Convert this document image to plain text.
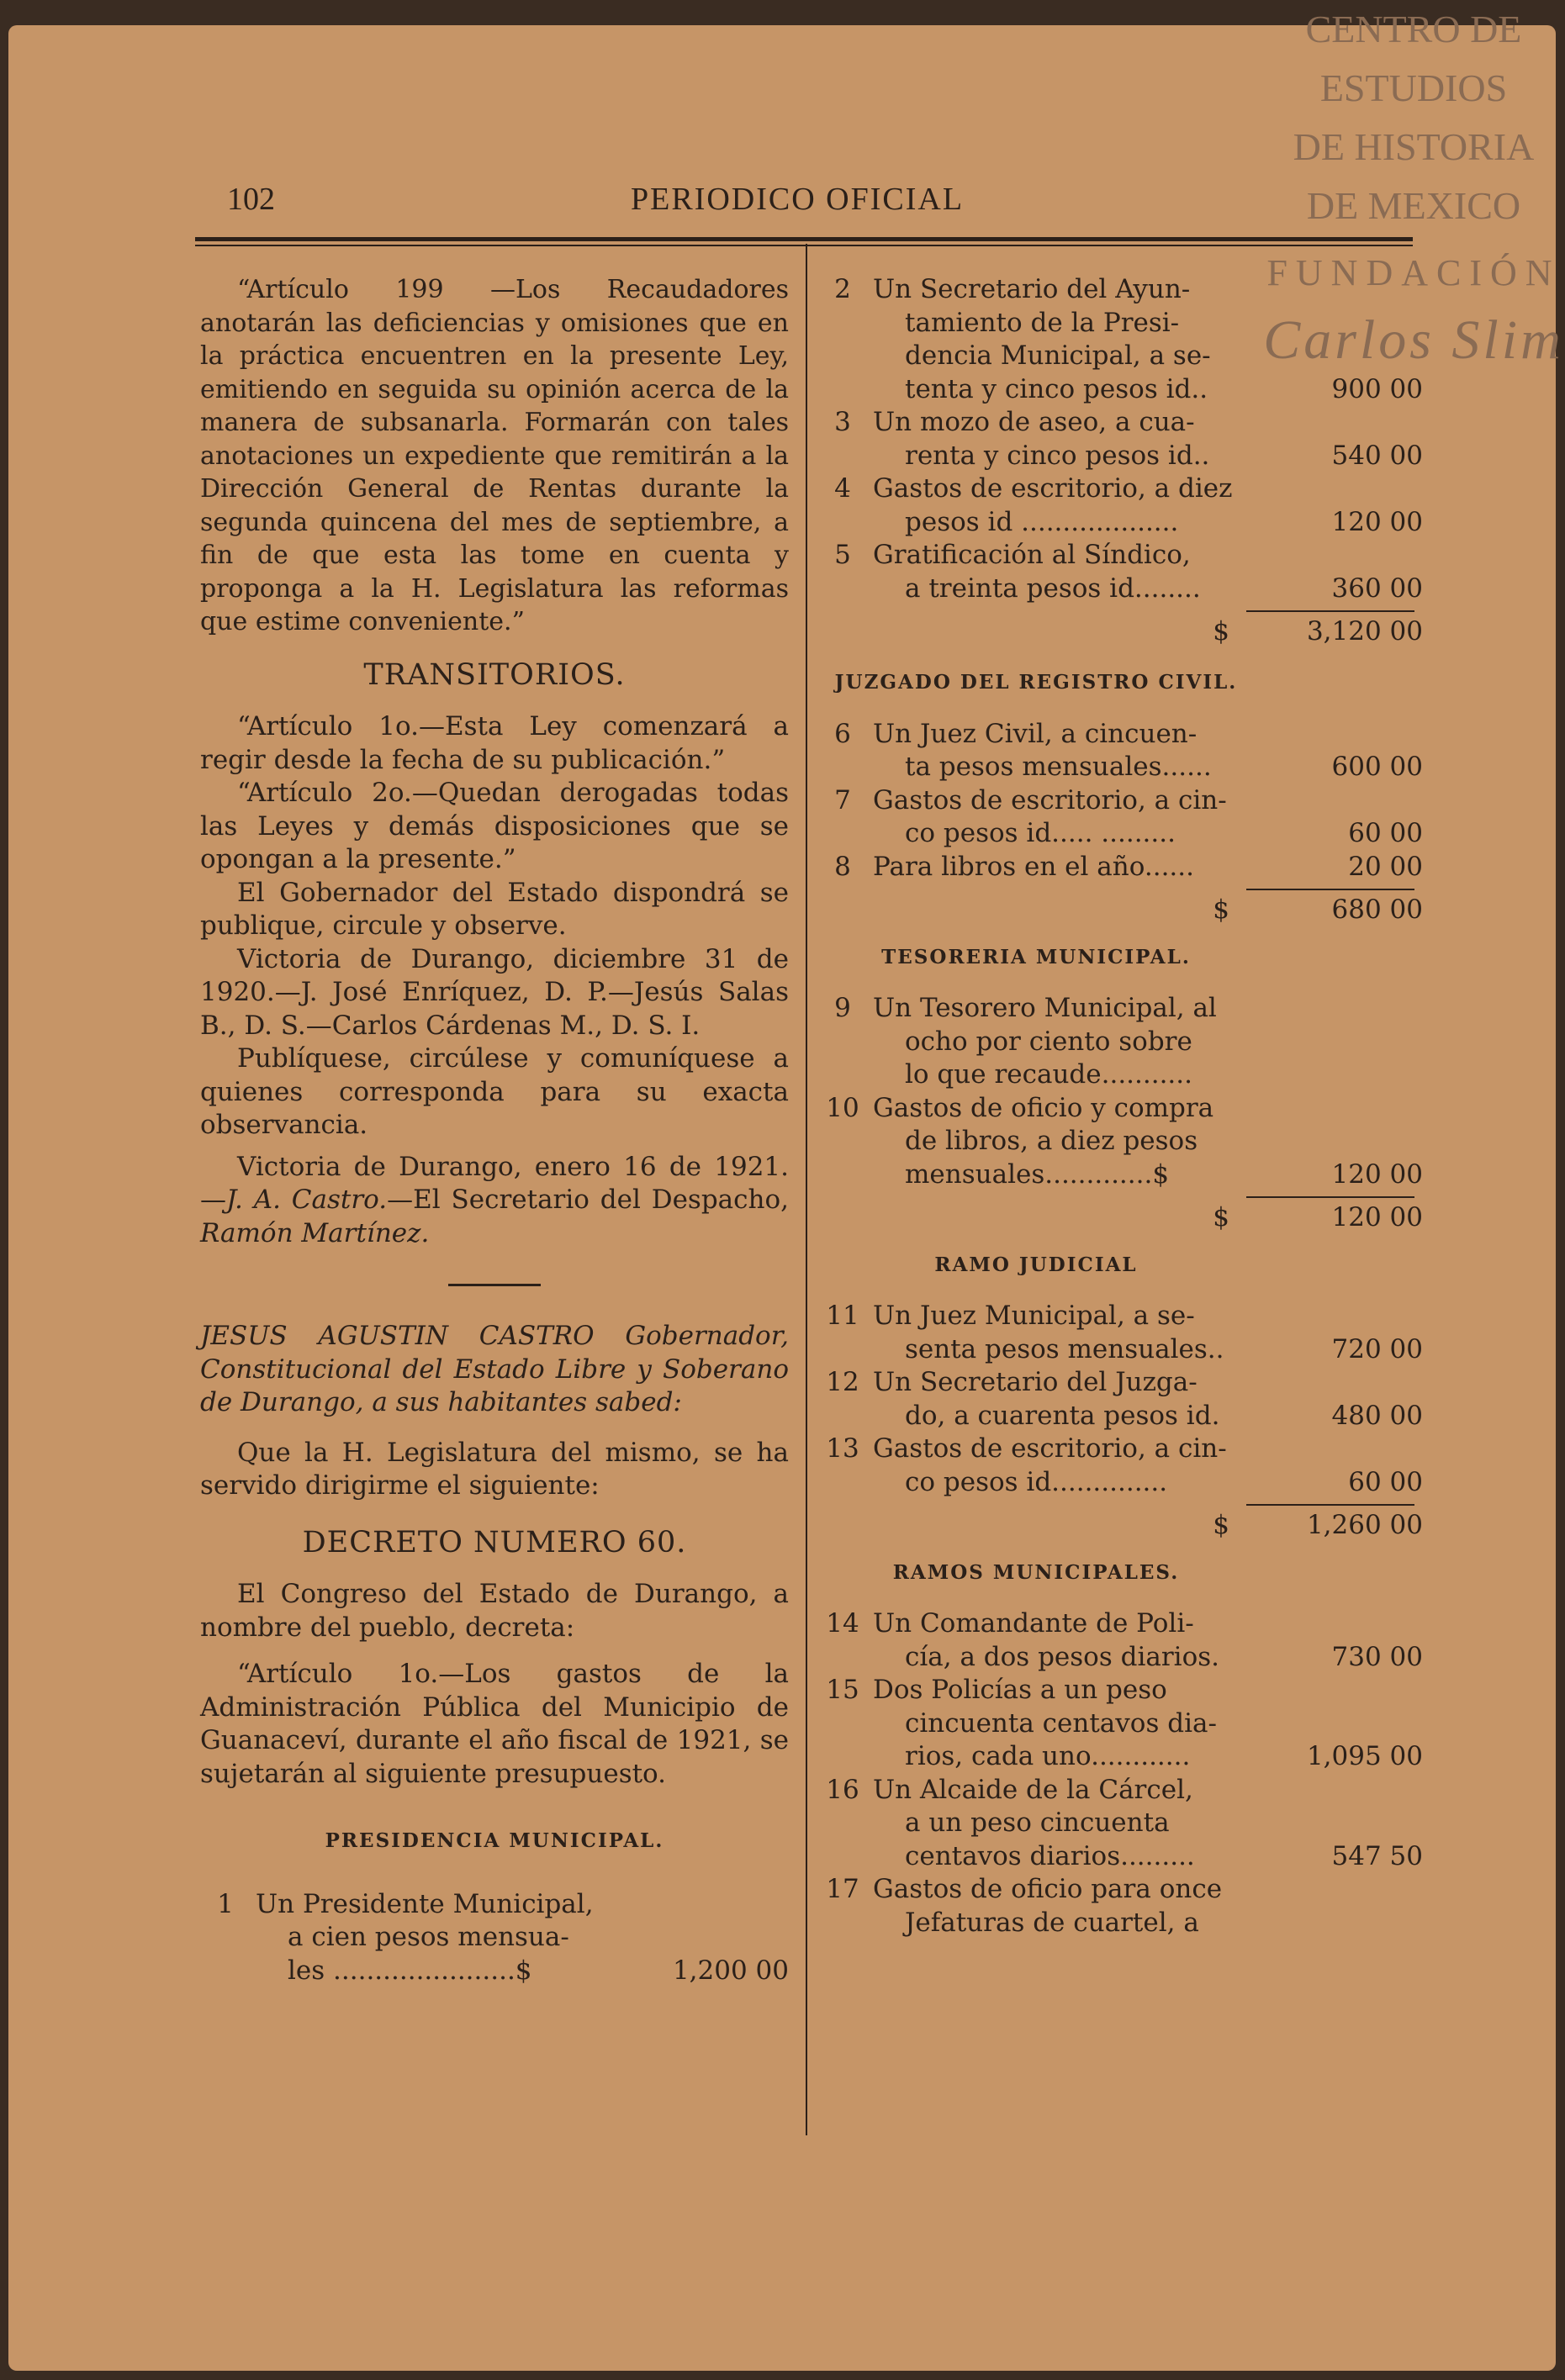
CENTRO DE
ESTUDIOS
DE HISTORIA
DE MEXICO
FUNDACIÓN
Carlos Slim
102	PERIODICO OFICIAL

“Artículo 199 —Los Recaudadores anotarán las deficiencias y omisiones que en la práctica encuentren en la presente Ley, emitiendo en seguida su opinión acerca de la manera de subsanarla. Formarán con tales anotaciones un expediente que remitirán a la Dirección General de Rentas durante la segunda quincena del mes de septiembre, a fin de que esta las tome en cuenta y proponga a la H. Legislatura las reformas que estime conveniente.”

TRANSITORIOS.

“Artículo 1o.—Esta Ley comenzará a regir desde la fecha de su publicación.”

“Artículo 2o.—Quedan derogadas todas las Leyes y demás disposiciones que se opongan a la presente.”

El Gobernador del Estado dispondrá se publique, circule y observe.

Victoria de Durango, diciembre 31 de 1920.—J. José Enríquez, D. P.—Jesús Salas B., D. S.—Carlos Cárdenas M., D. S. I.

Publíquese, circúlese y comuníquese a quienes corresponda para su exacta observancia.

Victoria de Durango, enero 16 de 1921. —J. A. Castro.—El Secretario del Despacho, Ramón Martínez.

JESUS AGUSTIN CASTRO Gobernador, Constitucional del Estado Libre y Soberano de Durango, a sus habitantes sabed:

Que la H. Legislatura del mismo, se ha servido dirigirme el siguiente:

DECRETO NUMERO 60.

El Congreso del Estado de Durango, a nombre del pueblo, decreta:

“Artículo 1o.—Los gastos de la Administración Pública del Municipio de Guanaceví, durante el año fiscal de 1921, se sujetarán al siguiente presupuesto.

PRESIDENCIA MUNICIPAL.

1 Un Presidente Municipal,
a cien pesos mensua-
les ......................$	1,200 00
2 Un Secretario del Ayun-
tamiento de la Presi-
dencia Municipal, a se-
tenta y cinco pesos id..	900 00
3 Un mozo de aseo, a cua-
renta y cinco pesos id..	540 00
4 Gastos de escritorio, a diez
pesos id ...................	120 00
5 Gratificación al Síndico,
a treinta pesos id........	360 00
$	3,120 00

JUZGADO DEL REGISTRO CIVIL.

6 Un Juez Civil, a cincuen-
ta pesos mensuales......	600 00
7 Gastos de escritorio, a cin-
co pesos id..... .........	60 00
8 Para libros en el año......	20 00
$	680 00

TESORERIA MUNICIPAL.

9 Un Tesorero Municipal, al
ocho por ciento sobre
lo que recaude...........
10 Gastos de oficio y compra
de libros, a diez pesos
mensuales.............$	120 00
$	120 00

RAMO JUDICIAL

11 Un Juez Municipal, a se-
senta pesos mensuales..	720 00
12 Un Secretario del Juzga-
do, a cuarenta pesos id.	480 00
13 Gastos de escritorio, a cin-
co pesos id..............	60 00
$	1,260 00

RAMOS MUNICIPALES.

14 Un Comandante de Poli-
cía, a dos pesos diarios.	730 00
15 Dos Policías a un peso
cincuenta centavos dia-
rios, cada uno............	1,095 00
16 Un Alcaide de la Cárcel,
a un peso cincuenta
centavos diarios.........	547 50
17 Gastos de oficio para once
Jefaturas de cuartel, a
